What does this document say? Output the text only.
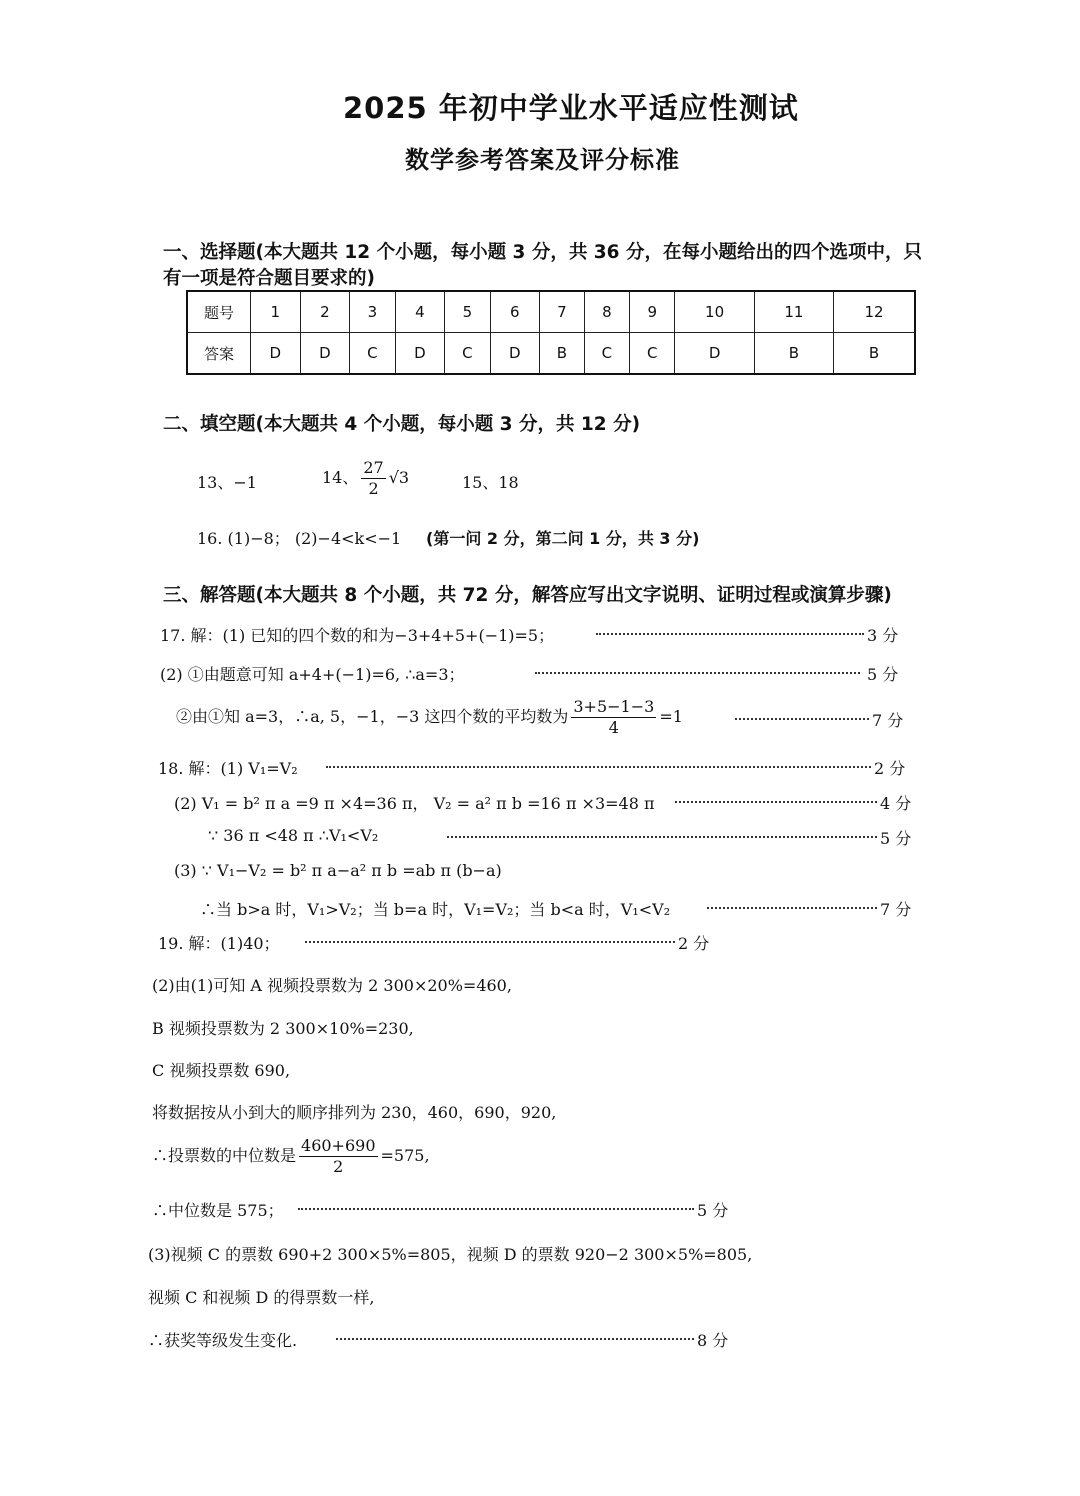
2025 年初中学业水平适应性测试
数学参考答案及评分标准
一、选择题(本大题共 12 个小题，每小题 3 分，共 36 分，在每小题给出的四个选项中，只
有一项是符合题目要求的)
题号	1	2	3	4	5	6	7	8	9	10	11	12
答案	D	D	C	D	C	D	B	C	C	D	B	B
二、填空题(本大题共 4 个小题，每小题 3 分，共 12 分)
13、−1	14、 $\frac{27}{2} √3$	15、18
16. (1)−8； (2)−4<k<−1 (第一问 2 分，第二问 1 分，共 3 分)
三、解答题(本大题共 8 个小题，共 72 分，解答应写出文字说明、证明过程或演算步骤)
17. 解：(1) 已知的四个数的和为−3+4+5+(−1)=5；	3 分
(2) ①由题意可知 a+4+(−1)=6, ∴a=3；	5 分
②由①知 a=3，∴a, 5，−1，−3 这四个数的平均数为 $\frac{3+5-1-3}{4} =1$	7 分
18. 解：(1) V₁=V₂	2 分
(2) V₁ = b² π a =9 π ×4=36 π， V₂ = a² π b =16 π ×3=48 π	4 分
∵ 36 π <48 π ∴V₁<V₂	5 分
(3) ∵ V₁−V₂ = b² π a−a² π b =ab π (b−a)
∴当 b>a 时，V₁>V₂；当 b=a 时，V₁=V₂；当 b<a 时，V₁<V₂	7 分
19. 解：(1)40；	2 分
(2)由(1)可知 A 视频投票数为 2 300×20%=460,
B 视频投票数为 2 300×10%=230,
C 视频投票数 690,
将数据按从小到大的顺序排列为 230，460，690，920,
∴投票数的中位数是 $\frac{460+690}{2} =575$,
∴中位数是 575；	5 分
(3)视频 C 的票数 690+2 300×5%=805，视频 D 的票数 920−2 300×5%=805,
视频 C 和视频 D 的得票数一样,
∴获奖等级发生变化.	8 分
